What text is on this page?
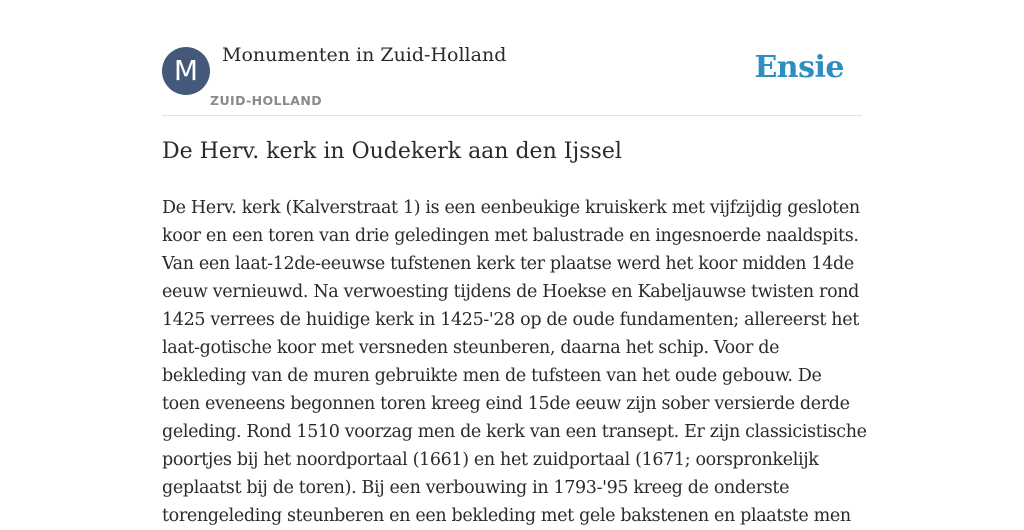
M	Monumenten in Zuid-Holland
ZUID-HOLLAND
Ensie
De Herv. kerk in Oudekerk aan den Ijssel
De Herv. kerk (Kalverstraat 1) is een eenbeukige kruiskerk met vijfzijdig gesloten
koor en een toren van drie geledingen met balustrade en ingesnoerde naaldspits.
Van een laat-12de-eeuwse tufstenen kerk ter plaatse werd het koor midden 14de
eeuw vernieuwd. Na verwoesting tijdens de Hoekse en Kabeljauwse twisten rond
1425 verrees de huidige kerk in 1425-'28 op de oude fundamenten; allereerst het
laat-gotische koor met versneden steunberen, daarna het schip. Voor de
bekleding van de muren gebruikte men de tufsteen van het oude gebouw. De
toen eveneens begonnen toren kreeg eind 15de eeuw zijn sober versierde derde
geleding. Rond 1510 voorzag men de kerk van een transept. Er zijn classicistische
poortjes bij het noordportaal (1661) en het zuidportaal (1671; oorspronkelijk
geplaatst bij de toren). Bij een verbouwing in 1793-'95 kreeg de onderste
torengeleding steunberen en een bekleding met gele bakstenen en plaatste men
